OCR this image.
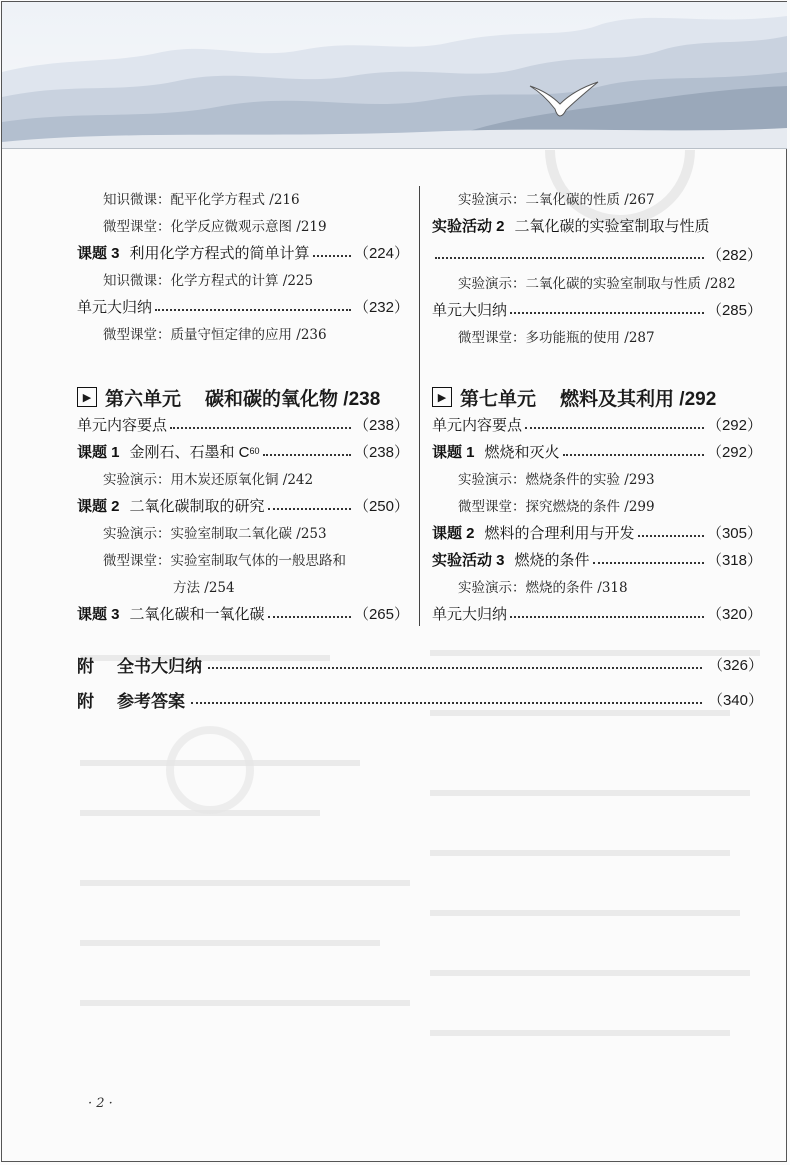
知识微课：配平化学方程式 /216
微型课堂：化学反应微观示意图 /219
课题 3 利用化学方程式的简单计算	（224）
知识微课：化学方程式的计算 /225
单元大归纳	（232）
微型课堂：质量守恒定律的应用 /236
▶ 第六单元 碳和碳的氧化物 /238
单元内容要点	（238）
课题 1 金刚石、石墨和 C 60	（238）
实验演示：用木炭还原氧化铜 /242
课题 2 二氧化碳制取的研究	（250）
实验演示：实验室制取二氧化碳 /253
微型课堂：实验室制取气体的一般思路和
方法 /254
课题 3 二氧化碳和一氧化碳	（265）
实验演示：二氧化碳的性质 /267
实验活动 2 二氧化碳的实验室制取与性质
（282）
实验演示：二氧化碳的实验室制取与性质 /282
单元大归纳	（285）
微型课堂：多功能瓶的使用 /287
▶ 第七单元 燃料及其利用 /292
单元内容要点	（292）
课题 1 燃烧和灭火	（292）
实验演示：燃烧条件的实验 /293
微型课堂：探究燃烧的条件 /299
课题 2 燃料的合理利用与开发	（305）
实验活动 3 燃烧的条件	（318）
实验演示：燃烧的条件 /318
单元大归纳	（320）
附	全书大归纳	（326）
附	参考答案	（340）
· 2 ·
